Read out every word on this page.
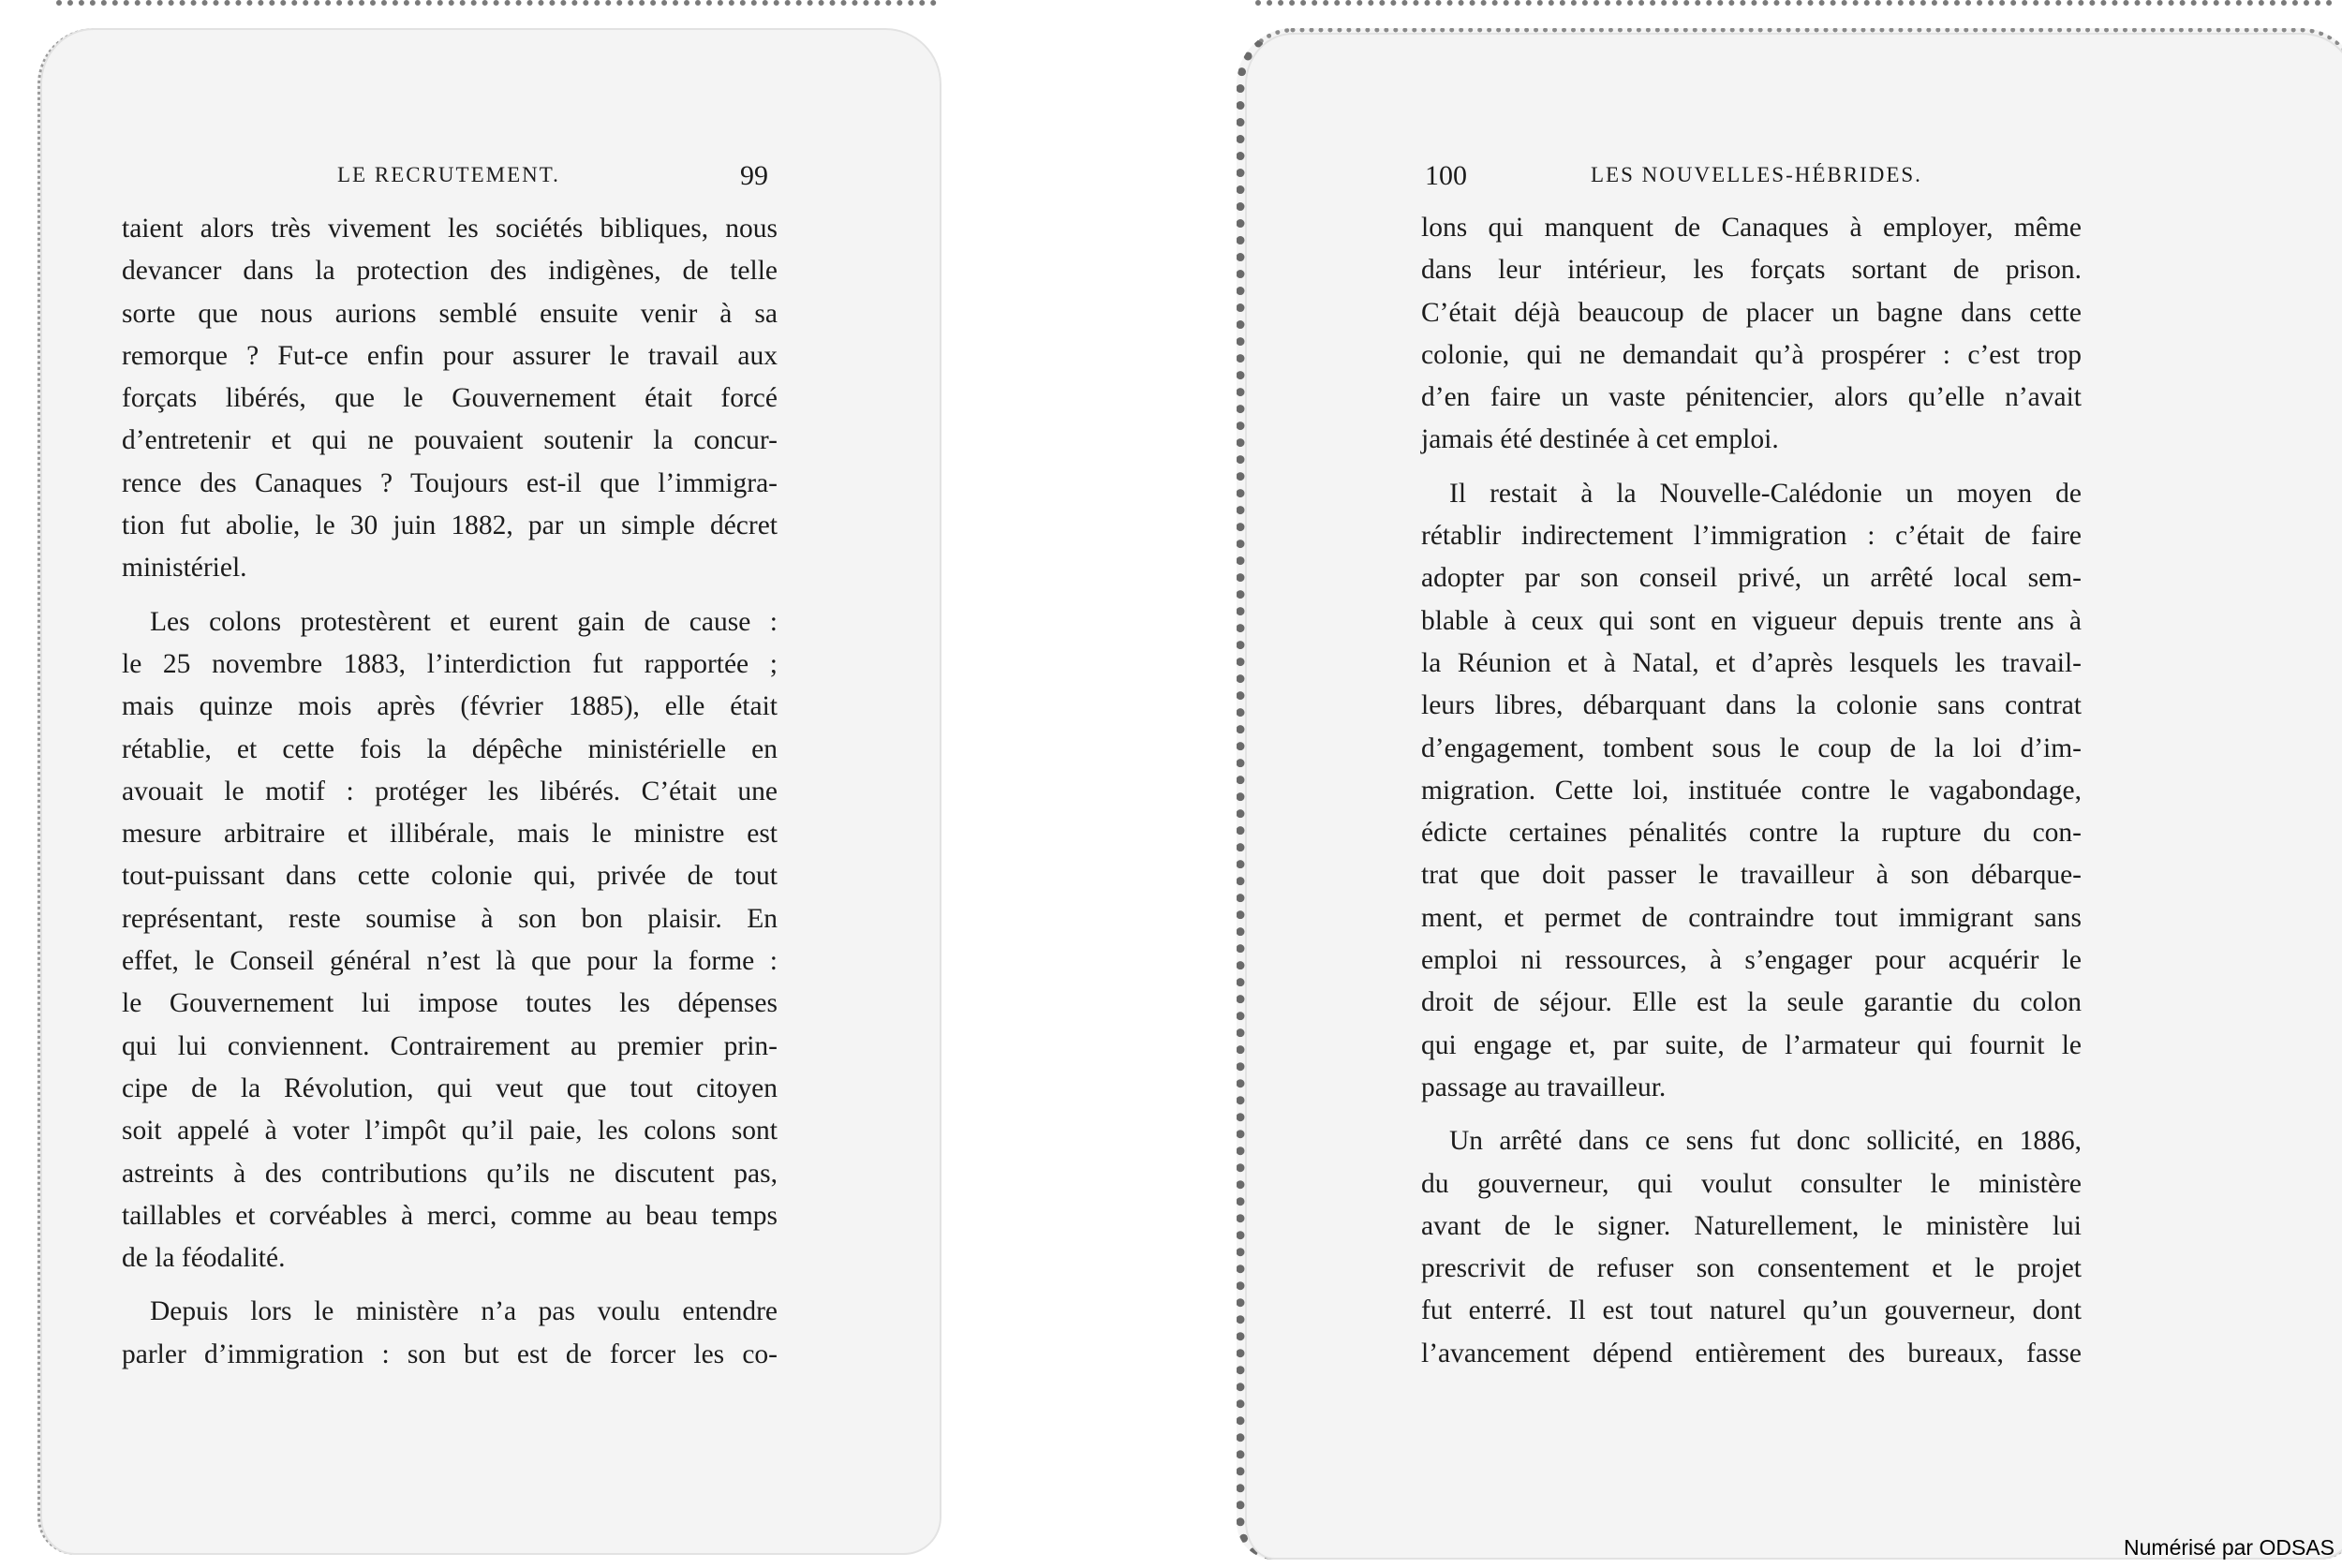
LE RECRUTEMENT.	99
taient alors très vivement les sociétés bibliques, nous
devancer dans la protection des indigènes, de telle
sorte que nous aurions semblé ensuite venir à sa
remorque ? Fut-ce enfin pour assurer le travail aux
forçats libérés, que le Gouvernement était forcé
d’entretenir et qui ne pouvaient soutenir la concur-
rence des Canaques ? Toujours est-il que l’immigra-
tion fut abolie, le 30 juin 1882, par un simple décret
ministériel.
Les colons protestèrent et eurent gain de cause :
le 25 novembre 1883, l’interdiction fut rapportée ;
mais quinze mois après (février 1885), elle était
rétablie, et cette fois la dépêche ministérielle en
avouait le motif : protéger les libérés. C’était une
mesure arbitraire et illibérale, mais le ministre est
tout-puissant dans cette colonie qui, privée de tout
représentant, reste soumise à son bon plaisir. En
effet, le Conseil général n’est là que pour la forme :
le Gouvernement lui impose toutes les dépenses
qui lui conviennent. Contrairement au premier prin-
cipe de la Révolution, qui veut que tout citoyen
soit appelé à voter l’impôt qu’il paie, les colons sont
astreints à des contributions qu’ils ne discutent pas,
taillables et corvéables à merci, comme au beau temps
de la féodalité.
Depuis lors le ministère n’a pas voulu entendre
parler d’immigration : son but est de forcer les co-
100	LES NOUVELLES-HÉBRIDES.
lons qui manquent de Canaques à employer, même
dans leur intérieur, les forçats sortant de prison.
C’était déjà beaucoup de placer un bagne dans cette
colonie, qui ne demandait qu’à prospérer : c’est trop
d’en faire un vaste pénitencier, alors qu’elle n’avait
jamais été destinée à cet emploi.
Il restait à la Nouvelle-Calédonie un moyen de
rétablir indirectement l’immigration : c’était de faire
adopter par son conseil privé, un arrêté local sem-
blable à ceux qui sont en vigueur depuis trente ans à
la Réunion et à Natal, et d’après lesquels les travail-
leurs libres, débarquant dans la colonie sans contrat
d’engagement, tombent sous le coup de la loi d’im-
migration. Cette loi, instituée contre le vagabondage,
édicte certaines pénalités contre la rupture du con-
trat que doit passer le travailleur à son débarque-
ment, et permet de contraindre tout immigrant sans
emploi ni ressources, à s’engager pour acquérir le
droit de séjour. Elle est la seule garantie du colon
qui engage et, par suite, de l’armateur qui fournit le
passage au travailleur.
Un arrêté dans ce sens fut donc sollicité, en 1886,
du gouverneur, qui voulut consulter le ministère
avant de le signer. Naturellement, le ministère lui
prescrivit de refuser son consentement et le projet
fut enterré. Il est tout naturel qu’un gouverneur, dont
l’avancement dépend entièrement des bureaux, fasse
Numérisé par ODSAS
